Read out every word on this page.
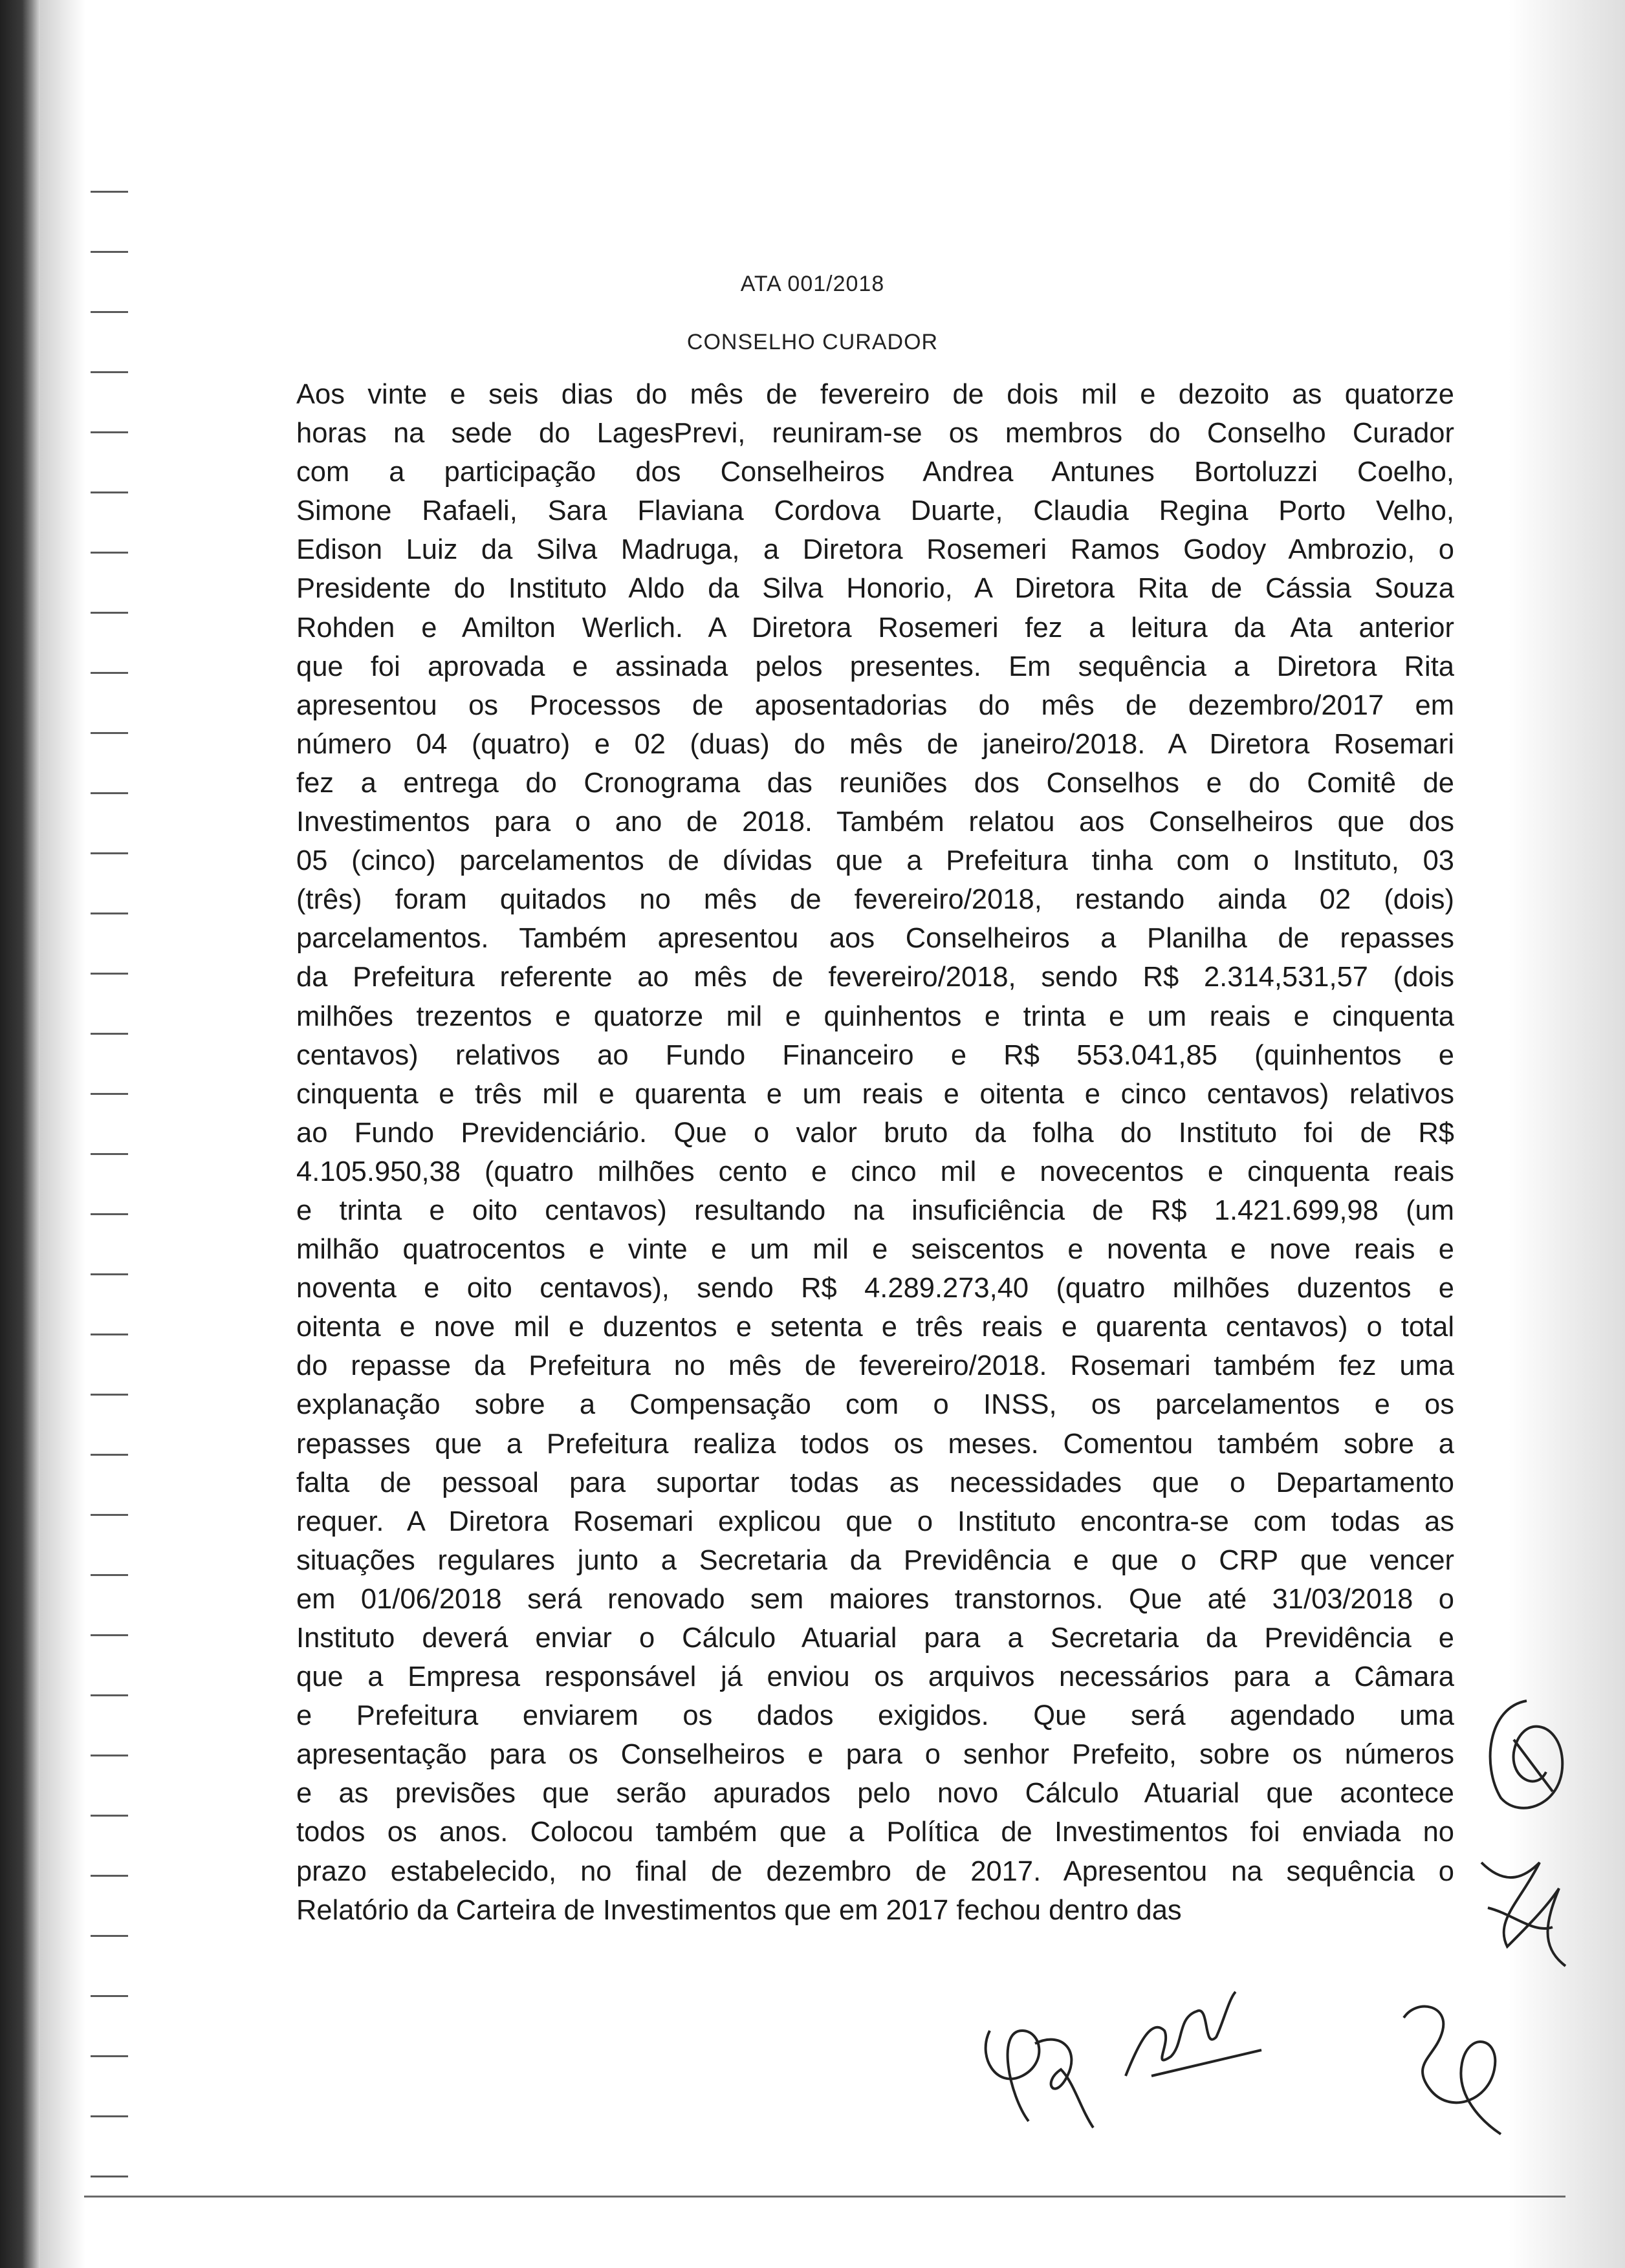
ATA 001/2018
CONSELHO CURADOR
Aos vinte e seis dias do mês de fevereiro de dois mil e dezoito as quatorze
horas na sede do LagesPrevi, reuniram-se os membros do Conselho Curador
com a participação dos Conselheiros Andrea Antunes Bortoluzzi Coelho,
Simone Rafaeli, Sara Flaviana Cordova Duarte, Claudia Regina Porto Velho,
Edison Luiz da Silva Madruga, a Diretora Rosemeri Ramos Godoy Ambrozio, o
Presidente do Instituto Aldo da Silva Honorio, A Diretora Rita de Cássia Souza
Rohden e Amilton Werlich. A Diretora Rosemeri fez a leitura da Ata anterior
que foi aprovada e assinada pelos presentes. Em sequência a Diretora Rita
apresentou os Processos de aposentadorias do mês de dezembro/2017 em
número 04 (quatro) e 02 (duas) do mês de janeiro/2018. A Diretora Rosemari
fez a entrega do Cronograma das reuniões dos Conselhos e do Comitê de
Investimentos para o ano de 2018. Também relatou aos Conselheiros que dos
05 (cinco) parcelamentos de dívidas que a Prefeitura tinha com o Instituto, 03
(três) foram quitados no mês de fevereiro/2018, restando ainda 02 (dois)
parcelamentos. Também apresentou aos Conselheiros a Planilha de repasses
da Prefeitura referente ao mês de fevereiro/2018, sendo R$ 2.314,531,57 (dois
milhões trezentos e quatorze mil e quinhentos e trinta e um reais e cinquenta
centavos) relativos ao Fundo Financeiro e R$ 553.041,85 (quinhentos e
cinquenta e três mil e quarenta e um reais e oitenta e cinco centavos) relativos
ao Fundo Previdenciário. Que o valor bruto da folha do Instituto foi de R$
4.105.950,38 (quatro milhões cento e cinco mil e novecentos e cinquenta reais
e trinta e oito centavos) resultando na insuficiência de R$ 1.421.699,98 (um
milhão quatrocentos e vinte e um mil e seiscentos e noventa e nove reais e
noventa e oito centavos), sendo R$ 4.289.273,40 (quatro milhões duzentos e
oitenta e nove mil e duzentos e setenta e três reais e quarenta centavos) o total
do repasse da Prefeitura no mês de fevereiro/2018. Rosemari também fez uma
explanação sobre a Compensação com o INSS, os parcelamentos e os
repasses que a Prefeitura realiza todos os meses. Comentou também sobre a
falta de pessoal para suportar todas as necessidades que o Departamento
requer. A Diretora Rosemari explicou que o Instituto encontra-se com todas as
situações regulares junto a Secretaria da Previdência e que o CRP que vencer
em 01/06/2018 será renovado sem maiores transtornos. Que até 31/03/2018 o
Instituto deverá enviar o Cálculo Atuarial para a Secretaria da Previdência e
que a Empresa responsável já enviou os arquivos necessários para a Câmara
e Prefeitura enviarem os dados exigidos. Que será agendado uma
apresentação para os Conselheiros e para o senhor Prefeito, sobre os números
e as previsões que serão apurados pelo novo Cálculo Atuarial que acontece
todos os anos. Colocou também que a Política de Investimentos foi enviada no
prazo estabelecido, no final de dezembro de 2017. Apresentou na sequência o
Relatório da Carteira de Investimentos que em 2017 fechou dentro das
